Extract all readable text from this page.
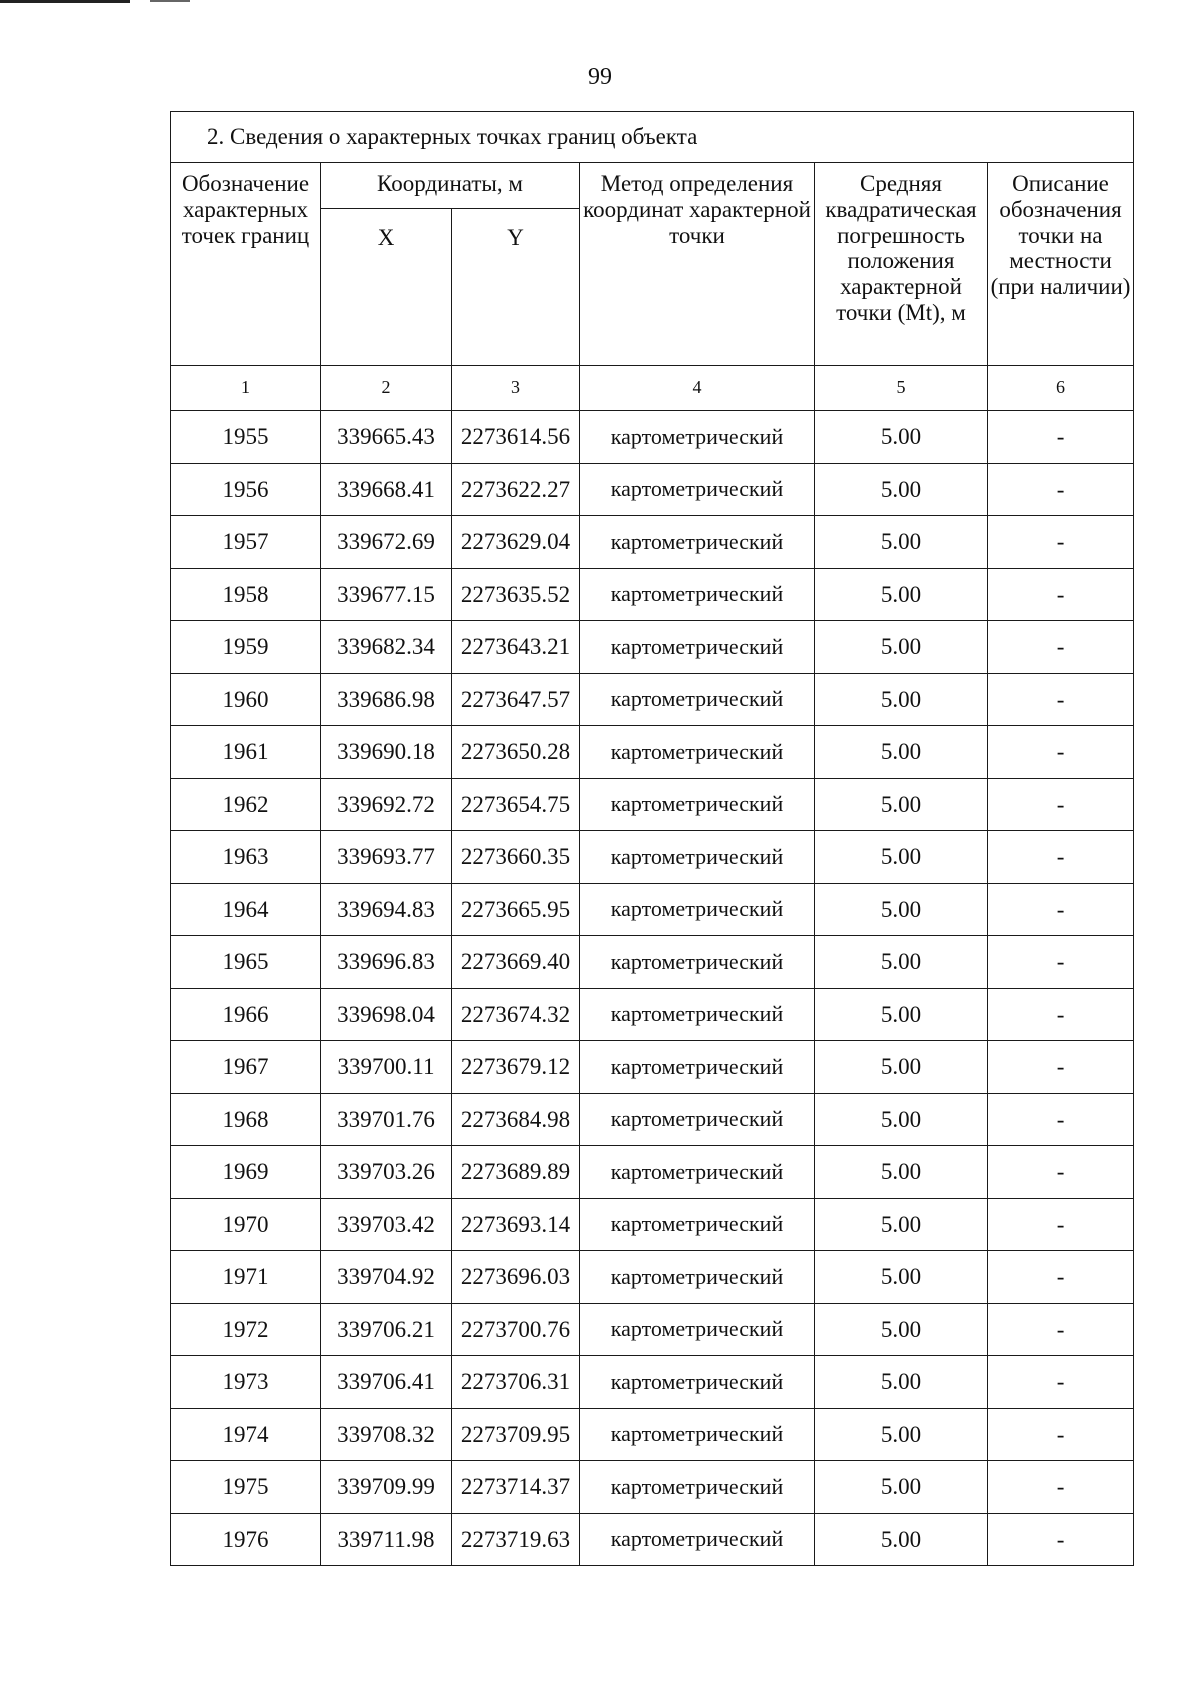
99
2. Сведения о характерных точках границ объекта					
Обозначение характерных точек границ	Координаты, м		Метод определения координат характерной точки	Средняя квадратическая погрешность положения характерной точки (Mt), м	Описание обозначения точки на местности (при наличии)
	X	Y			
1	2	3	4	5	6
1955	339665.43	2273614.56	картометрический	5.00	-
1956	339668.41	2273622.27	картометрический	5.00	-
1957	339672.69	2273629.04	картометрический	5.00	-
1958	339677.15	2273635.52	картометрический	5.00	-
1959	339682.34	2273643.21	картометрический	5.00	-
1960	339686.98	2273647.57	картометрический	5.00	-
1961	339690.18	2273650.28	картометрический	5.00	-
1962	339692.72	2273654.75	картометрический	5.00	-
1963	339693.77	2273660.35	картометрический	5.00	-
1964	339694.83	2273665.95	картометрический	5.00	-
1965	339696.83	2273669.40	картометрический	5.00	-
1966	339698.04	2273674.32	картометрический	5.00	-
1967	339700.11	2273679.12	картометрический	5.00	-
1968	339701.76	2273684.98	картометрический	5.00	-
1969	339703.26	2273689.89	картометрический	5.00	-
1970	339703.42	2273693.14	картометрический	5.00	-
1971	339704.92	2273696.03	картометрический	5.00	-
1972	339706.21	2273700.76	картометрический	5.00	-
1973	339706.41	2273706.31	картометрический	5.00	-
1974	339708.32	2273709.95	картометрический	5.00	-
1975	339709.99	2273714.37	картометрический	5.00	-
1976	339711.98	2273719.63	картометрический	5.00	-
